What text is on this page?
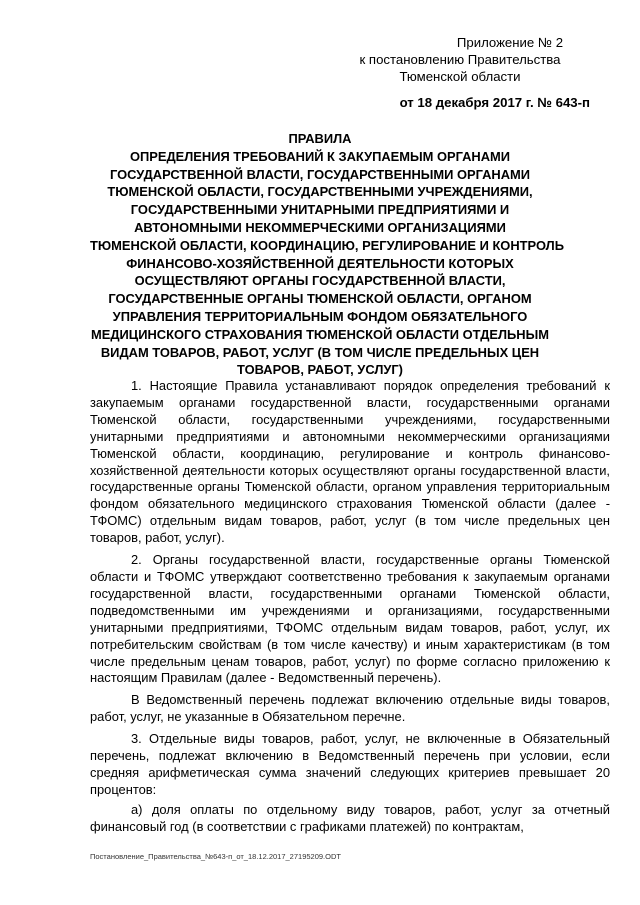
Приложение № 2
к постановлению Правительства
Тюменской области
от 18 декабря 2017 г. № 643-п
ПРАВИЛА
ОПРЕДЕЛЕНИЯ ТРЕБОВАНИЙ К ЗАКУПАЕМЫМ ОРГАНАМИ
ГОСУДАРСТВЕННОЙ ВЛАСТИ, ГОСУДАРСТВЕННЫМИ ОРГАНАМИ
ТЮМЕНСКОЙ ОБЛАСТИ, ГОСУДАРСТВЕННЫМИ УЧРЕЖДЕНИЯМИ,
ГОСУДАРСТВЕННЫМИ УНИТАРНЫМИ ПРЕДПРИЯТИЯМИ И
АВТОНОМНЫМИ НЕКОММЕРЧЕСКИМИ ОРГАНИЗАЦИЯМИ
ТЮМЕНСКОЙ ОБЛАСТИ, КООРДИНАЦИЮ, РЕГУЛИРОВАНИЕ И КОНТРОЛЬ
ФИНАНСОВО-ХОЗЯЙСТВЕННОЙ ДЕЯТЕЛЬНОСТИ КОТОРЫХ
ОСУЩЕСТВЛЯЮТ ОРГАНЫ ГОСУДАРСТВЕННОЙ ВЛАСТИ,
ГОСУДАРСТВЕННЫЕ ОРГАНЫ ТЮМЕНСКОЙ ОБЛАСТИ, ОРГАНОМ
УПРАВЛЕНИЯ ТЕРРИТОРИАЛЬНЫМ ФОНДОМ ОБЯЗАТЕЛЬНОГО
МЕДИЦИНСКОГО СТРАХОВАНИЯ ТЮМЕНСКОЙ ОБЛАСТИ ОТДЕЛЬНЫМ
ВИДАМ ТОВАРОВ, РАБОТ, УСЛУГ (В ТОМ ЧИСЛЕ ПРЕДЕЛЬНЫХ ЦЕН
ТОВАРОВ, РАБОТ, УСЛУГ)

1. Настоящие Правила устанавливают порядок определения требований к закупаемым органами государственной власти, государственными органами Тюменской области, государственными учреждениями, государственными унитарными предприятиями и автономными некоммерческими организациями Тюменской области, координацию, регулирование и контроль финансово-хозяйственной деятельности которых осуществляют органы государственной власти, государственные органы Тюменской области, органом управления территориальным фондом обязательного медицинского страхования Тюменской области (далее - ТФОМС) отдельным видам товаров, работ, услуг (в том числе предельных цен товаров, работ, услуг).

2. Органы государственной власти, государственные органы Тюменской области и ТФОМС утверждают соответственно требования к закупаемым органами государственной власти, государственными органами Тюменской области, подведомственными им учреждениями и организациями, государственными унитарными предприятиями, ТФОМС отдельным видам товаров, работ, услуг, их потребительским свойствам (в том числе качеству) и иным характеристикам (в том числе предельным ценам товаров, работ, услуг) по форме согласно приложению к настоящим Правилам (далее - Ведомственный перечень).

В Ведомственный перечень подлежат включению отдельные виды товаров, работ, услуг, не указанные в Обязательном перечне.

3. Отдельные виды товаров, работ, услуг, не включенные в Обязательный перечень, подлежат включению в Ведомственный перечень при условии, если средняя арифметическая сумма значений следующих критериев превышает 20 процентов:

а) доля оплаты по отдельному виду товаров, работ, услуг за отчетный финансовый год (в соответствии с графиками платежей) по контрактам,

Постановление_Правительства_№643-п_от_18.12.2017_27195209.ODT
